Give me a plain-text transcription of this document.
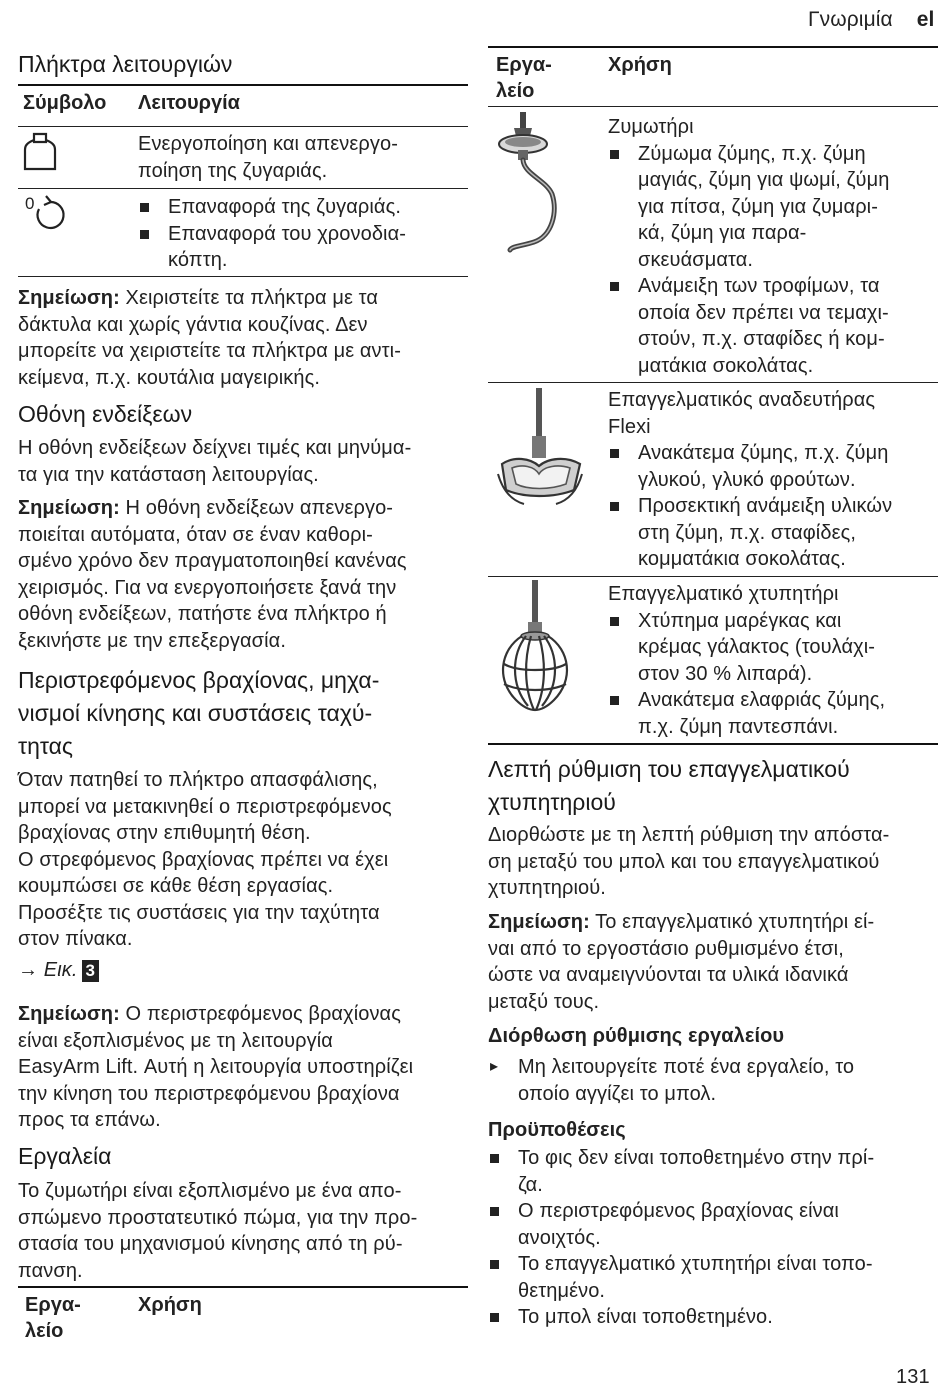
Γνωριμία el
Πλήκτρα λειτουργιών
Σύμβολο Λειτουργία
Ενεργοποίηση και απενεργο-
ποίηση της ζυγαριάς.
0	Επαναφορά της ζυγαριάς.
Επαναφορά του χρονοδια-
κόπτη.
Σημείωση: Χειριστείτε τα πλήκτρα με τα
δάκτυλα και χωρίς γάντια κουζίνας. Δεν
μπορείτε να χειριστείτε τα πλήκτρα με αντι-
κείμενα, π.χ. κουτάλια μαγειρικής.
Οθόνη ενδείξεων
Η οθόνη ενδείξεων δείχνει τιμές και μηνύμα-
τα για την κατάσταση λειτουργίας.
Σημείωση: Η οθόνη ενδείξεων απενεργο-
ποιείται αυτόματα, όταν σε έναν καθορι-
σμένο χρόνο δεν πραγματοποιηθεί κανένας
χειρισμός. Για να ενεργοποιήσετε ξανά την
οθόνη ενδείξεων, πατήστε ένα πλήκτρο ή
ξεκινήστε με την επεξεργασία.
Περιστρεφόμενος βραχίονας, μηχα-
νισμοί κίνησης και συστάσεις ταχύ-
τητας
Όταν πατηθεί το πλήκτρο απασφάλισης,
μπορεί να μετακινηθεί ο περιστρεφόμενος
βραχίονας στην επιθυμητή θέση.
Ο στρεφόμενος βραχίονας πρέπει να έχει
κουμπώσει σε κάθε θέση εργασίας.
Προσέξτε τις συστάσεις για την ταχύτητα
στον πίνακα.
→ Εικ. 3
Σημείωση: Ο περιστρεφόμενος βραχίονας
είναι εξοπλισμένος με τη λειτουργία
EasyArm Lift. Αυτή η λειτουργία υποστηρίζει
την κίνηση του περιστρεφόμενου βραχίονα
προς τα επάνω.
Εργαλεία
Το ζυμωτήρι είναι εξοπλισμένο με ένα απο-
σπώμενο προστατευτικό πώμα, για την προ-
στασία του μηχανισμού κίνησης από τη ρύ-
πανση.
Εργα-
λείο
Χρήση
Εργα-
λείο
Χρήση
Ζυμωτήρι
Ζύμωμα ζύμης, π.χ. ζύμη
μαγιάς, ζύμη για ψωμί, ζύμη
για πίτσα, ζύμη για ζυμαρι-
κά, ζύμη για παρα-
σκευάσματα.
Ανάμειξη των τροφίμων, τα
οποία δεν πρέπει να τεμαχι-
στούν, π.χ. σταφίδες ή κομ-
ματάκια σοκολάτας.
Επαγγελματικός αναδευτήρας
Flexi
Ανακάτεμα ζύμης, π.χ. ζύμη
γλυκού, γλυκό φρούτων.
Προσεκτική ανάμειξη υλικών
στη ζύμη, π.χ. σταφίδες,
κομματάκια σοκολάτας.
Επαγγελματικό χτυπητήρι
Χτύπημα μαρέγκας και
κρέμας γάλακτος (τουλάχι-
στον 30 % λιπαρά).
Ανακάτεμα ελαφριάς ζύμης,
π.χ. ζύμη παντεσπάνι.
Λεπτή ρύθμιση του επαγγελματικού
χτυπητηριού
Διορθώστε με τη λεπτή ρύθμιση την απόστα-
ση μεταξύ του μπολ και του επαγγελματικού
χτυπητηριού.
Σημείωση: Το επαγγελματικό χτυπητήρι εί-
ναι από το εργοστάσιο ρυθμισμένο έτσι,
ώστε να αναμειγνύονται τα υλικά ιδανικά
μεταξύ τους.
Διόρθωση ρύθμισης εργαλείου
▸ Μη λειτουργείτε ποτέ ένα εργαλείο, το
οποίο αγγίζει το μπολ.
Προϋποθέσεις
Το φις δεν είναι τοποθετημένο στην πρί-
ζα.
Ο περιστρεφόμενος βραχίονας είναι
ανοιχτός.
Το επαγγελματικό χτυπητήρι είναι τοπο-
θετημένο.
Το μπολ είναι τοποθετημένο.
131
